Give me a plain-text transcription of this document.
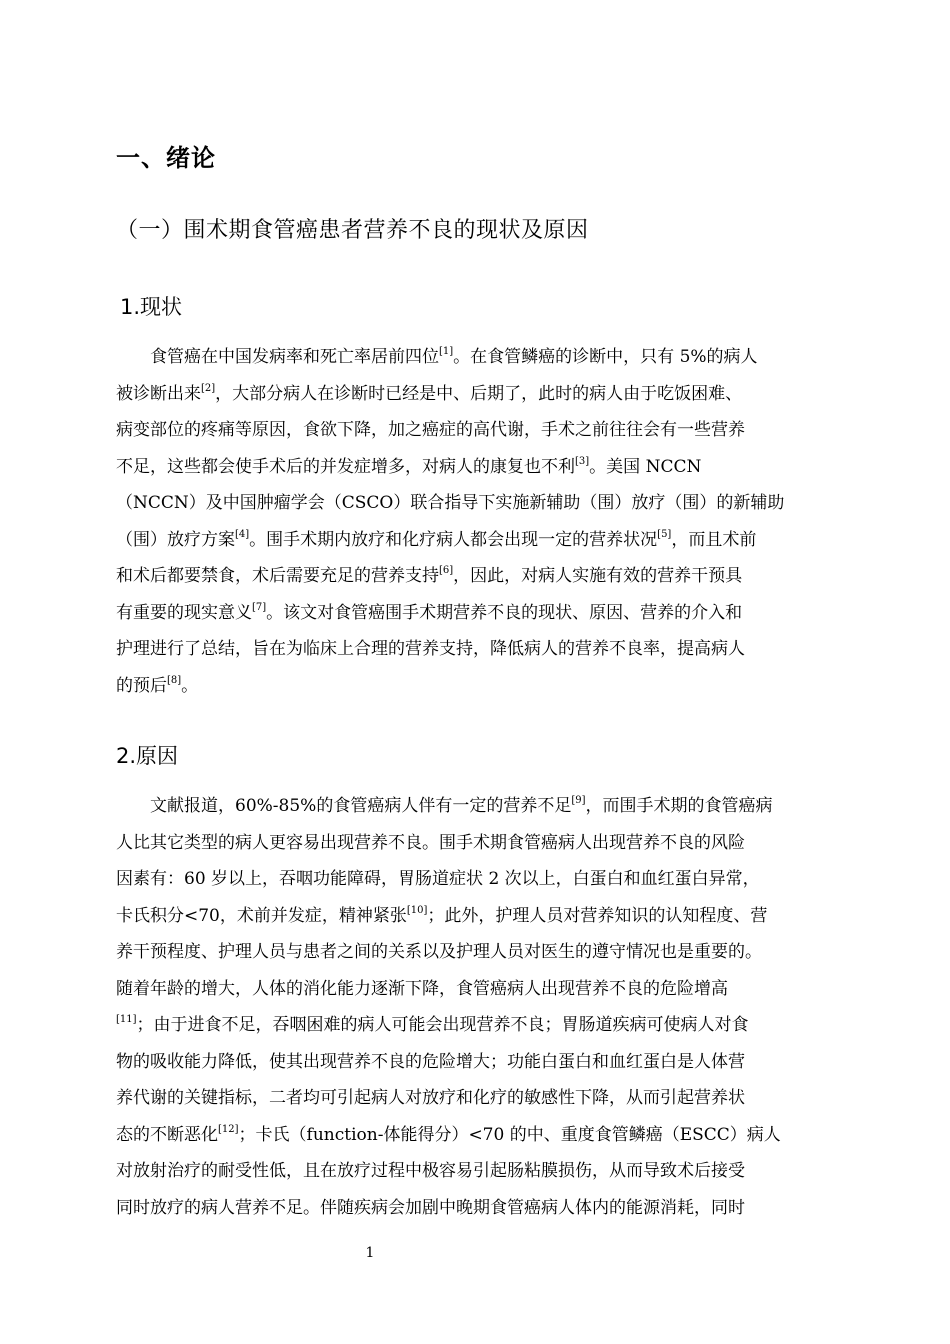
一、绪论
（一）围术期食管癌患者营养不良的现状及原因
1.现状
　　食管癌在中国发病率和死亡率居前四位[1]。在食管鳞癌的诊断中，只有 5%的病人
被诊断出来[2]，大部分病人在诊断时已经是中、后期了，此时的病人由于吃饭困难、
病变部位的疼痛等原因，食欲下降，加之癌症的高代谢，手术之前往往会有一些营养
不足，这些都会使手术后的并发症增多，对病人的康复也不利[3]。美国 NCCN
（NCCN）及中国肿瘤学会（CSCO）联合指导下实施新辅助（围）放疗（围）的新辅助
（围）放疗方案[4]。围手术期内放疗和化疗病人都会出现一定的营养状况[5]，而且术前
和术后都要禁食，术后需要充足的营养支持[6]，因此，对病人实施有效的营养干预具
有重要的现实意义[7]。该文对食管癌围手术期营养不良的现状、原因、营养的介入和
护理进行了总结，旨在为临床上合理的营养支持，降低病人的营养不良率，提高病人
的预后[8]。
2.原因
　　文献报道，60%-85%的食管癌病人伴有一定的营养不足[9]，而围手术期的食管癌病
人比其它类型的病人更容易出现营养不良。围手术期食管癌病人出现营养不良的风险
因素有：60 岁以上，吞咽功能障碍，胃肠道症状 2 次以上，白蛋白和血红蛋白异常，
卡氏积分<70，术前并发症，精神紧张[10]；此外，护理人员对营养知识的认知程度、营
养干预程度、护理人员与患者之间的关系以及护理人员对医生的遵守情况也是重要的。
随着年龄的增大，人体的消化能力逐渐下降，食管癌病人出现营养不良的危险增高
[11]；由于进食不足，吞咽困难的病人可能会出现营养不良；胃肠道疾病可使病人对食
物的吸收能力降低，使其出现营养不良的危险增大；功能白蛋白和血红蛋白是人体营
养代谢的关键指标，二者均可引起病人对放疗和化疗的敏感性下降，从而引起营养状
态的不断恶化[12]；卡氏（function-体能得分）<70 的中、重度食管鳞癌（ESCC）病人
对放射治疗的耐受性低，且在放疗过程中极容易引起肠粘膜损伤，从而导致术后接受
同时放疗的病人营养不足。伴随疾病会加剧中晚期食管癌病人体内的能源消耗，同时
1
